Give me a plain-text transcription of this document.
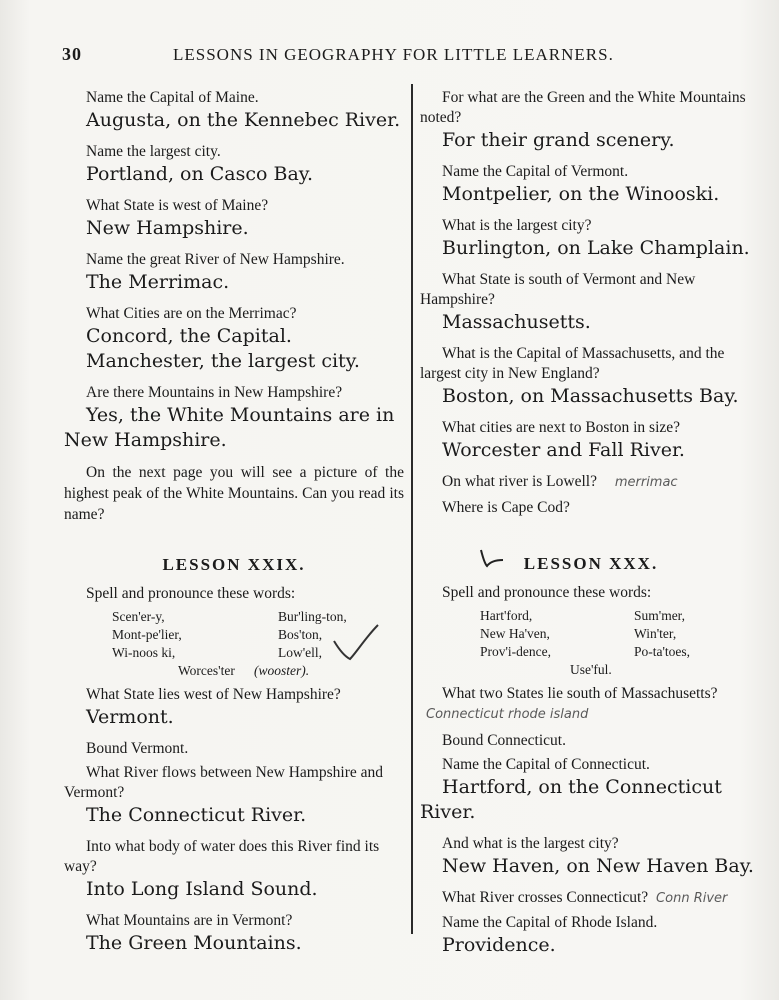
30	LESSONS IN GEOGRAPHY FOR LITTLE LEARNERS.

Name the Capital of Maine.

Augusta, on the Kennebec River.

Name the largest city.

Portland, on Casco Bay.

What State is west of Maine?

New Hampshire.

Name the great River of New Hampshire.

The Merrimac.

What Cities are on the Merrimac?

Concord, the Capital.

Manchester, the largest city.

Are there Mountains in New Hampshire?

Yes, the White Mountains are in New Hampshire.

On the next page you will see a picture of the highest peak of the White Mountains. Can you read its name?

LESSON XXIX.

Spell and pronounce these words:

Scen'er-y,	Bur'ling-ton,
Mont-pe'lier,	Bos'ton,
Wi-noos ki,	Low'ell,
Worces'ter (wooster).

What State lies west of New Hampshire?

Vermont.

Bound Vermont.

What River flows between New Hampshire and Vermont?

The Connecticut River.

Into what body of water does this River find its way?

Into Long Island Sound.

What Mountains are in Vermont?

The Green Mountains.

For what are the Green and the White Mountains noted?

For their grand scenery.

Name the Capital of Vermont.

Montpelier, on the Winooski.

What is the largest city?

Burlington, on Lake Champlain.

What State is south of Vermont and New Hampshire?

Massachusetts.

What is the Capital of Massachusetts, and the largest city in New England?

Boston, on Massachusetts Bay.

What cities are next to Boston in size?

Worcester and Fall River.

On what river is Lowell? merrimac

Where is Cape Cod?

LESSON XXX.

Spell and pronounce these words:

Hart'ford,	Sum'mer,
New Ha'ven,	Win'ter,
Prov'i-dence,	Po-ta'toes,
Use'ful.

What two States lie south of Massachusetts? Connecticut rhode island

Bound Connecticut.

Name the Capital of Connecticut.

Hartford, on the Connecticut River.

And what is the largest city?

New Haven, on New Haven Bay.

What River crosses Connecticut? Conn River

Name the Capital of Rhode Island.

Providence.
